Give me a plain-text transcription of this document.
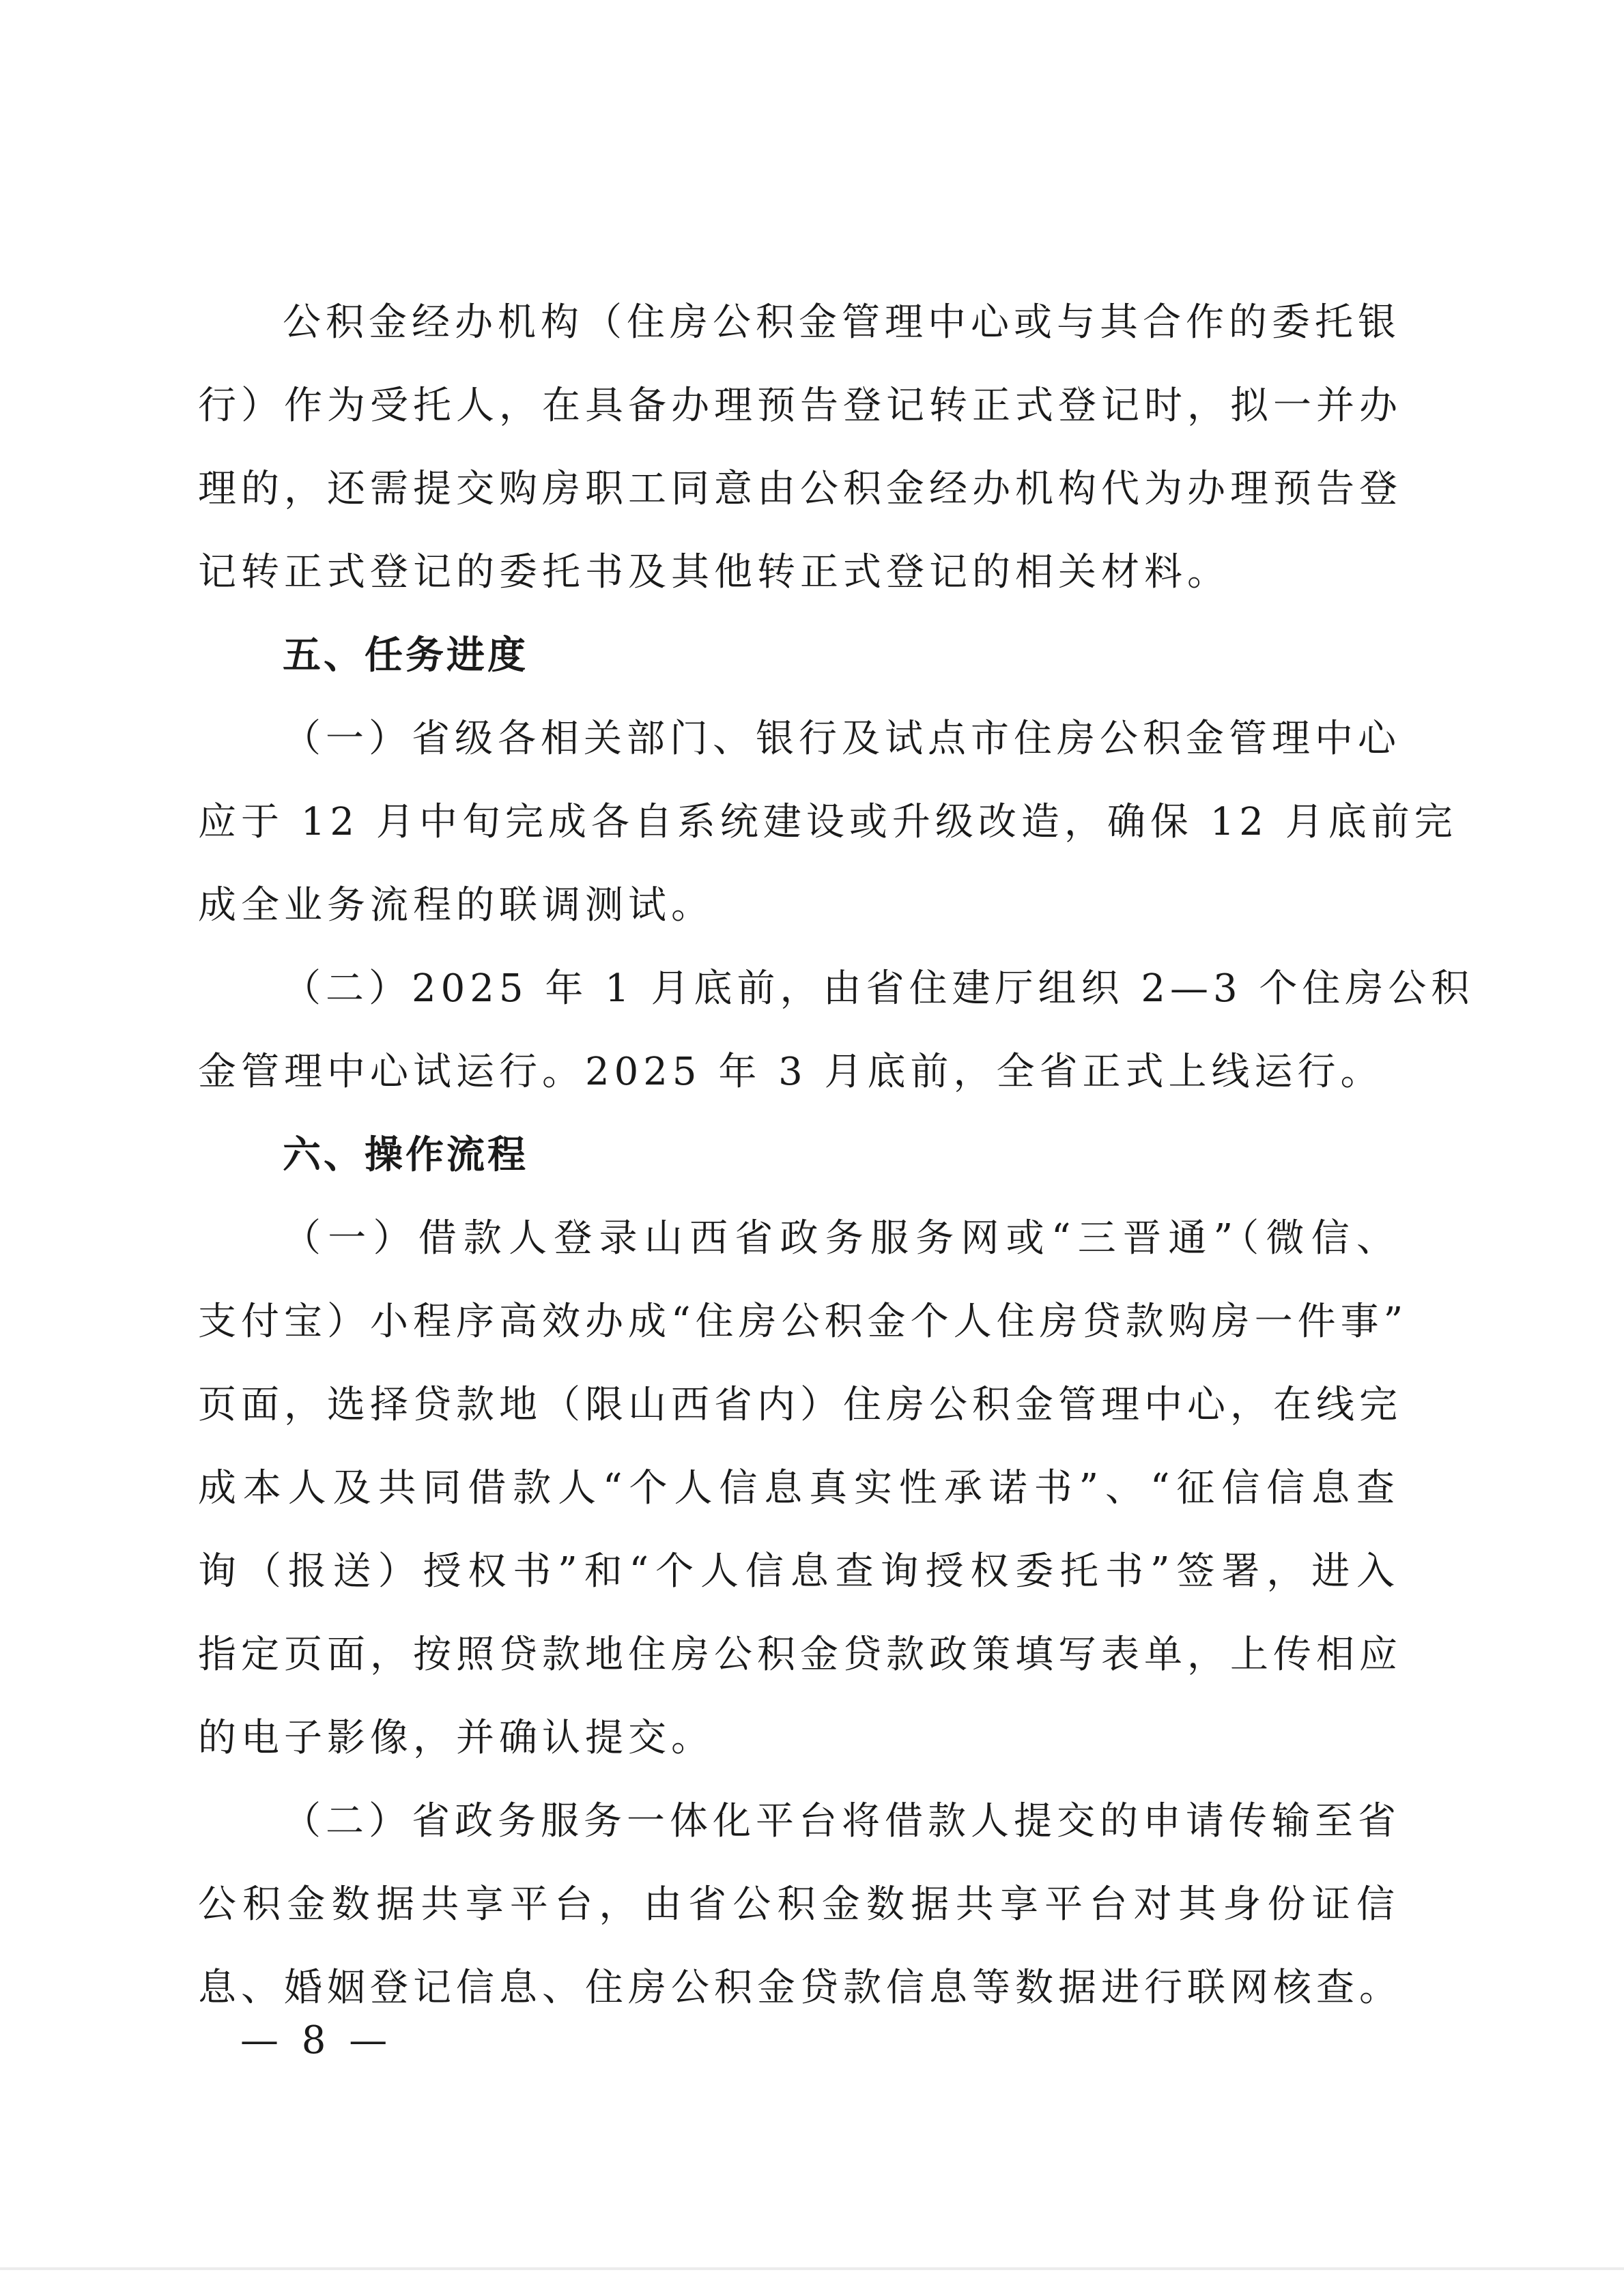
公积金经办机构（住房公积金管理中心或与其合作的委托银
行）作为受托人，在具备办理预告登记转正式登记时，拟一并办
理的，还需提交购房职工同意由公积金经办机构代为办理预告登
记转正式登记的委托书及其他转正式登记的相关材料。
五、任务进度
（一）省级各相关部门、银行及试点市住房公积金管理中心
应于 12 月中旬完成各自系统建设或升级改造，确保 12 月底前完
成全业务流程的联调测试。
（二）2025 年 1 月底前，由省住建厅组织 2—3 个住房公积
金管理中心试运行。2025 年 3 月底前，全省正式上线运行。
六、操作流程
（一）借款人登录山西省政务服务网或“三晋通”（微信、
支付宝）小程序高效办成“住房公积金个人住房贷款购房一件事”
页面，选择贷款地（限山西省内）住房公积金管理中心，在线完
成本人及共同借款人“个人信息真实性承诺书”、“征信信息查
询（报送）授权书”和“个人信息查询授权委托书”签署，进入
指定页面，按照贷款地住房公积金贷款政策填写表单，上传相应
的电子影像，并确认提交。
（二）省政务服务一体化平台将借款人提交的申请传输至省
公积金数据共享平台，由省公积金数据共享平台对其身份证信
息、婚姻登记信息、住房公积金贷款信息等数据进行联网核查。
— 8 —
